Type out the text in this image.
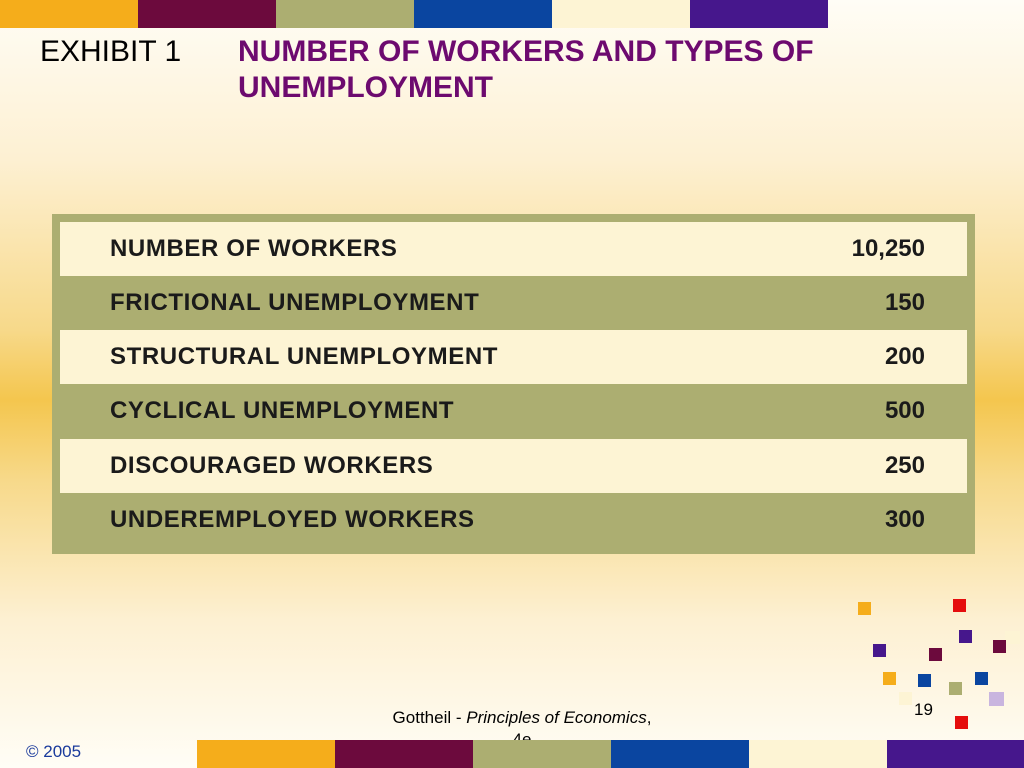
EXHIBIT 1	NUMBER OF WORKERS AND TYPES OF UNEMPLOYMENT
NUMBER OF WORKERS	10,250
FRICTIONAL UNEMPLOYMENT	150
STRUCTURAL UNEMPLOYMENT	200
CYCLICAL UNEMPLOYMENT	500
DISCOURAGED WORKERS	250
UNDEREMPLOYED WORKERS	300
Gottheil - Principles of Economics,	19
© 2005
